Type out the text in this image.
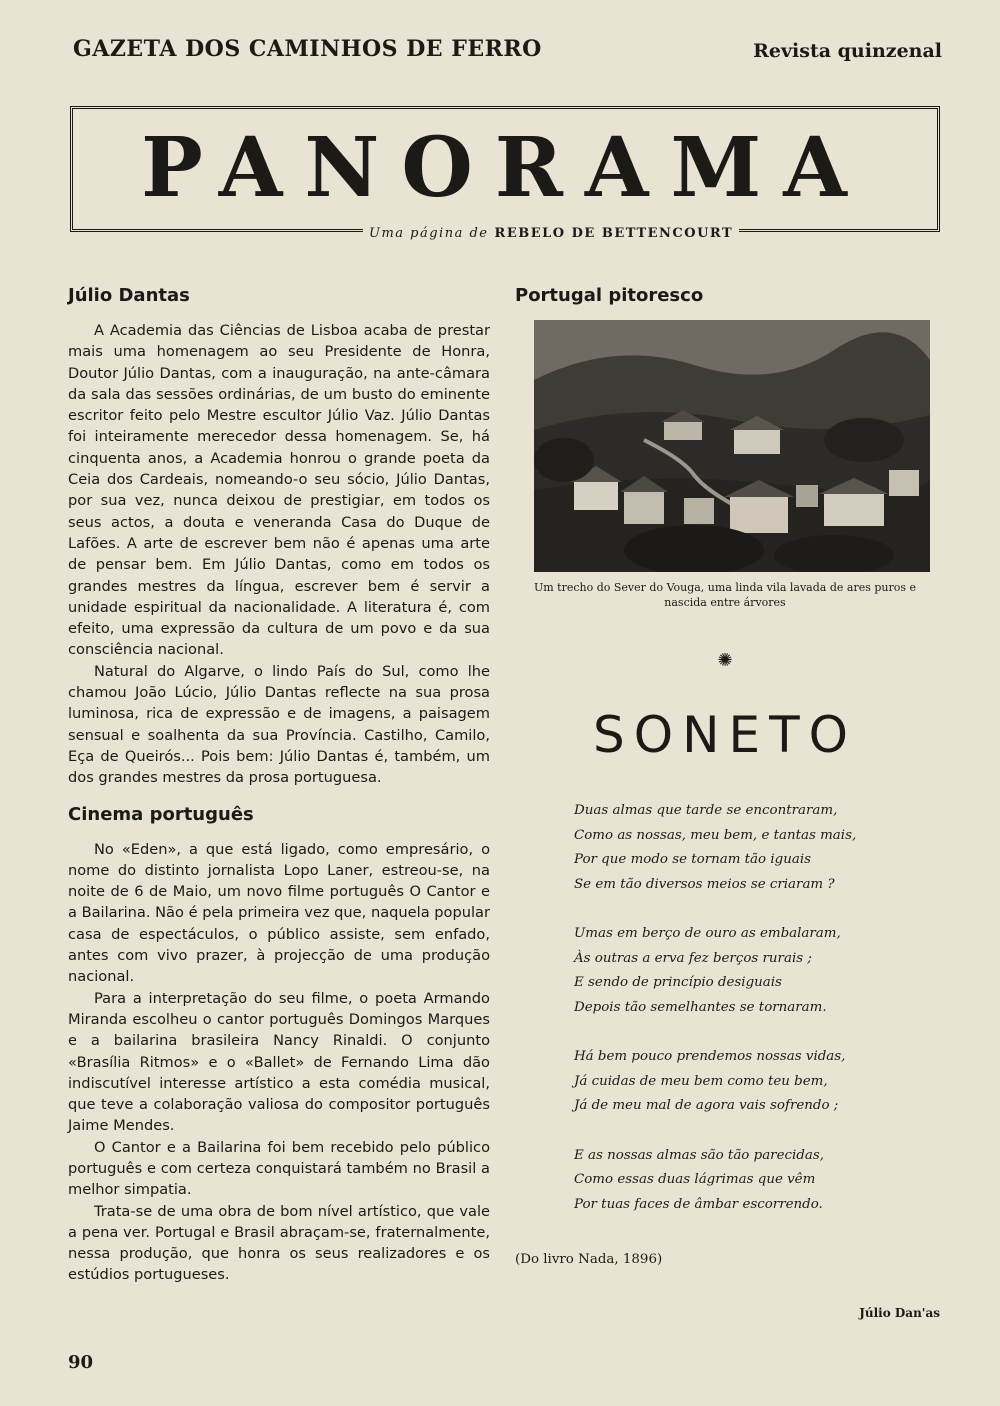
GAZETA DOS CAMINHOS DE FERRO	Revista quinzenal
PANORAMA
Uma página de REBELO DE BETTENCOURT
Júlio Dantas

A Academia das Ciências de Lisboa acaba de prestar mais uma homenagem ao seu Presidente de Honra, Doutor Júlio Dantas, com a inauguração, na ante-câmara da sala das sessões ordinárias, de um busto do eminente escritor feito pelo Mestre escultor Júlio Vaz. Júlio Dantas foi inteiramente merecedor dessa homenagem. Se, há cinquenta anos, a Academia honrou o grande poeta da Ceia dos Cardeais, nomeando-o seu sócio, Júlio Dantas, por sua vez, nunca deixou de prestigiar, em todos os seus actos, a douta e veneranda Casa do Duque de Lafões. A arte de escrever bem não é apenas uma arte de pensar bem. Em Júlio Dantas, como em todos os grandes mestres da língua, escrever bem é servir a unidade espiritual da nacionalidade. A literatura é, com efeito, uma expressão da cultura de um povo e da sua consciência nacional.

Natural do Algarve, o lindo País do Sul, como lhe chamou João Lúcio, Júlio Dantas reflecte na sua prosa luminosa, rica de expressão e de imagens, a paisagem sensual e soalhenta da sua Província. Castilho, Camilo, Eça de Queirós... Pois bem: Júlio Dantas é, também, um dos grandes mestres da prosa portuguesa.

Cinema português

No «Eden», a que está ligado, como empresário, o nome do distinto jornalista Lopo Laner, estreou-se, na noite de 6 de Maio, um novo filme português O Cantor e a Bailarina. Não é pela primeira vez que, naquela popular casa de espectáculos, o público assiste, sem enfado, antes com vivo prazer, à projecção de uma produção nacional.

Para a interpretação do seu filme, o poeta Armando Miranda escolheu o cantor português Domingos Marques e a bailarina brasileira Nancy Rinaldi. O conjunto «Brasília Ritmos» e o «Ballet» de Fernando Lima dão indiscutível interesse artístico a esta comédia musical, que teve a colaboração valiosa do compositor português Jaime Mendes.

O Cantor e a Bailarina foi bem recebido pelo público português e com certeza conquistará também no Brasil a melhor simpatia.

Trata-se de uma obra de bom nível artístico, que vale a pena ver. Portugal e Brasil abraçam-se, fraternalmente, nessa produção, que honra os seus realizadores e os estúdios portugueses.

Portugal pitoresco
Um trecho do Sever do Vouga, uma linda vila lavada de ares puros e nascida entre árvores
✺
SONETO
Duas almas que tarde se encontraram,
Como as nossas, meu bem, e tantas mais,
Por que modo se tornam tão iguais
Se em tão diversos meios se criaram ?
Umas em berço de ouro as embalaram,
Às outras a erva fez berços rurais ;
E sendo de princípio desiguais
Depois tão semelhantes se tornaram.
Há bem pouco prendemos nossas vidas,
Já cuidas de meu bem como teu bem,
Já de meu mal de agora vais sofrendo ;
E as nossas almas são tão parecidas,
Como essas duas lágrimas que vêm
Por tuas faces de âmbar escorrendo.
(Do livro Nada, 1896)
Júlio Dan'as
90
